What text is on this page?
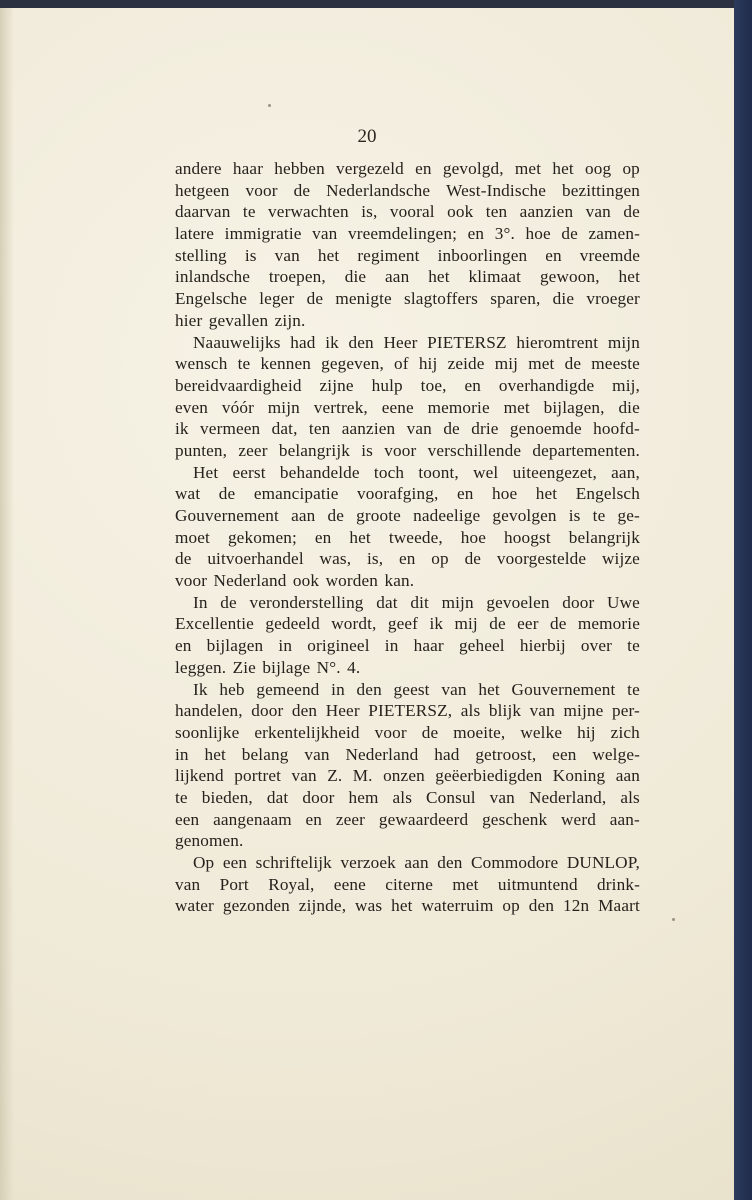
20
andere haar hebben vergezeld en gevolgd, met het oog op
hetgeen voor de Nederlandsche West-Indische bezittingen
daarvan te verwachten is, vooral ook ten aanzien van de
latere immigratie van vreemdelingen; en 3°. hoe de zamen-
stelling is van het regiment inboorlingen en vreemde
inlandsche troepen, die aan het klimaat gewoon, het
Engelsche leger de menigte slagtoffers sparen, die vroeger
hier gevallen zijn.
Naauwelijks had ik den Heer PIETERSZ hieromtrent mijn
wensch te kennen gegeven, of hij zeide mij met de meeste
bereidvaardigheid zijne hulp toe, en overhandigde mij,
even vóór mijn vertrek, eene memorie met bijlagen, die
ik vermeen dat, ten aanzien van de drie genoemde hoofd-
punten, zeer belangrijk is voor verschillende departementen.
Het eerst behandelde toch toont, wel uiteengezet, aan,
wat de emancipatie voorafging, en hoe het Engelsch
Gouvernement aan de groote nadeelige gevolgen is te ge-
moet gekomen; en het tweede, hoe hoogst belangrijk
de uitvoerhandel was, is, en op de voorgestelde wijze
voor Nederland ook worden kan.
In de veronderstelling dat dit mijn gevoelen door Uwe
Excellentie gedeeld wordt, geef ik mij de eer de memorie
en bijlagen in origineel in haar geheel hierbij over te
leggen. Zie bijlage N°. 4.
Ik heb gemeend in den geest van het Gouvernement te
handelen, door den Heer PIETERSZ, als blijk van mijne per-
soonlijke erkentelijkheid voor de moeite, welke hij zich
in het belang van Nederland had getroost, een welge-
lijkend portret van Z. M. onzen geëerbiedigden Koning aan
te bieden, dat door hem als Consul van Nederland, als
een aangenaam en zeer gewaardeerd geschenk werd aan-
genomen.
Op een schriftelijk verzoek aan den Commodore DUNLOP,
van Port Royal, eene citerne met uitmuntend drink-
water gezonden zijnde, was het waterruim op den 12n Maart
